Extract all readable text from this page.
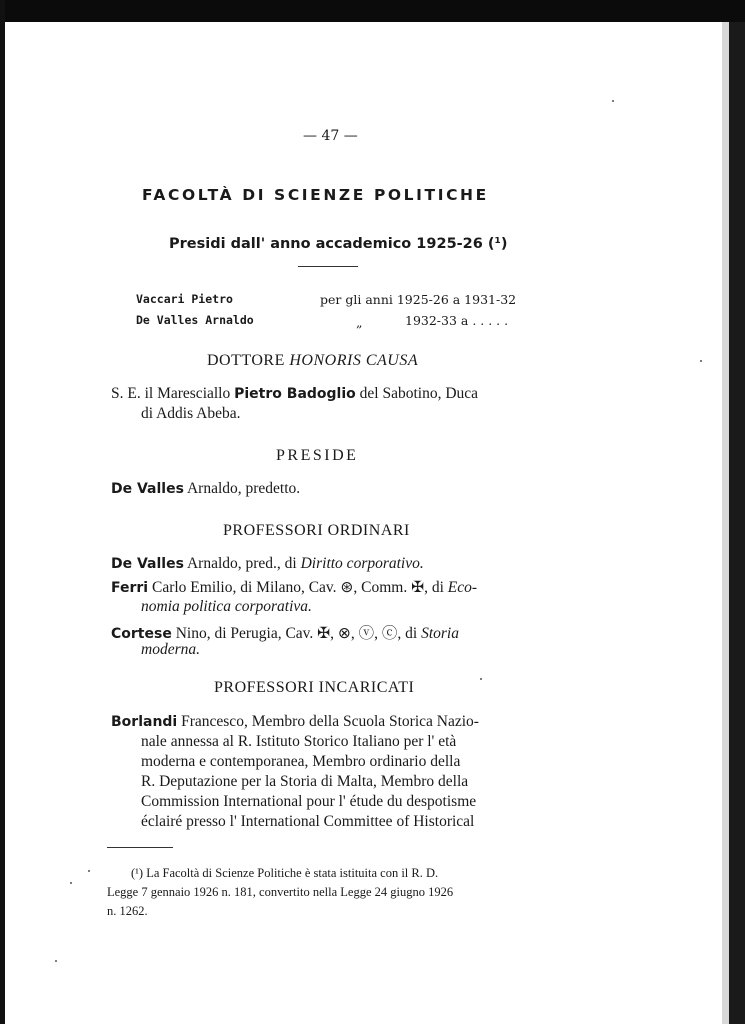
— 47 —
FACOLTÀ DI SCIENZE POLITICHE
Presidi dall' anno accademico 1925-26 (¹)
Vaccari Pietro	per gli anni 1925-26 a 1931-32
De Valles Arnaldo	„	1932-33 a . . . . .
DOTTORE HONORIS CAUSA
S. E. il Maresciallo Pietro Badoglio del Sabotino, Duca
di Addis Abeba.
PRESIDE
De Valles Arnaldo, predetto.
PROFESSORI ORDINARI
De Valles Arnaldo, pred., di Diritto corporativo.
Ferri Carlo Emilio, di Milano, Cav. ⊛, Comm. ✠, di Eco-
nomia politica corporativa.
Cortese Nino, di Perugia, Cav. ✠, ⊗, ⓥ, ⓒ, di Storia
moderna.
PROFESSORI INCARICATI
Borlandi Francesco, Membro della Scuola Storica Nazio-
nale annessa al R. Istituto Storico Italiano per l' età
moderna e contemporanea, Membro ordinario della
R. Deputazione per la Storia di Malta, Membro della
Commission International pour l' étude du despotisme
éclairé presso l' International Committee of Historical
(¹) La Facoltà di Scienze Politiche è stata istituita con il R. D.
Legge 7 gennaio 1926 n. 181, convertito nella Legge 24 giugno 1926
n. 1262.
